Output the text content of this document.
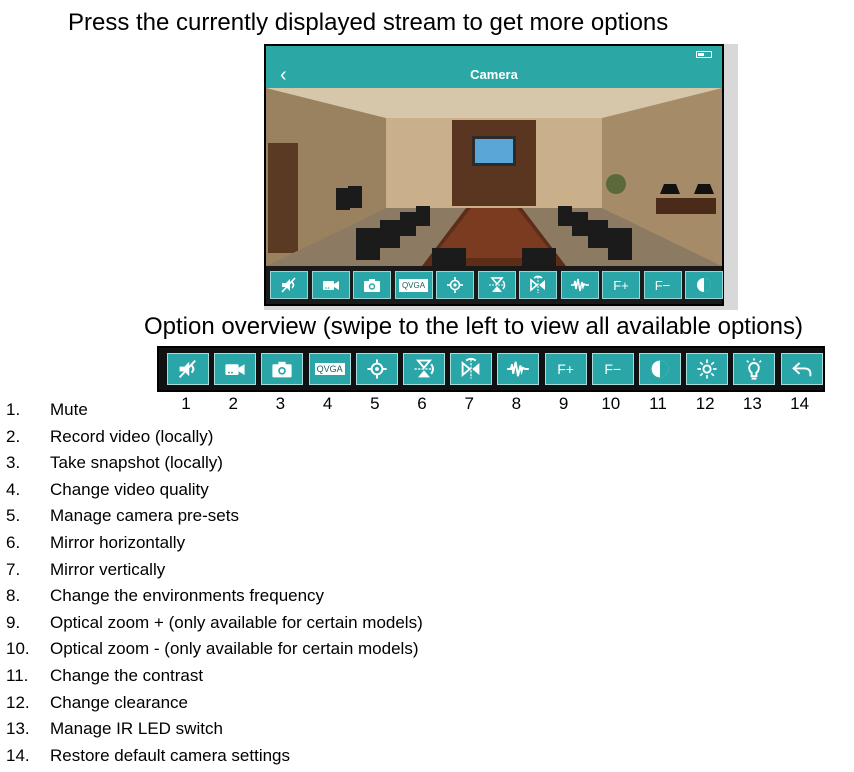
Press the currently displayed stream to get more options
‹	Camera
QVGA	F+ F−
Option overview (swipe to the left to view all available options)
QVGA	F+ F−
1	2	3	4	5	6	7	8	9	10	11	12	13	14
1.	Mute
2.	Record video (locally)
3.	Take snapshot (locally)
4.	Change video quality
5.	Manage camera pre-sets
6.	Mirror horizontally
7.	Mirror vertically
8.	Change the environments frequency
9.	Optical zoom + (only available for certain models)
10.	Optical zoom - (only available for certain models)
11.	Change the contrast
12.	Change clearance
13.	Manage IR LED switch
14.	Restore default camera settings
